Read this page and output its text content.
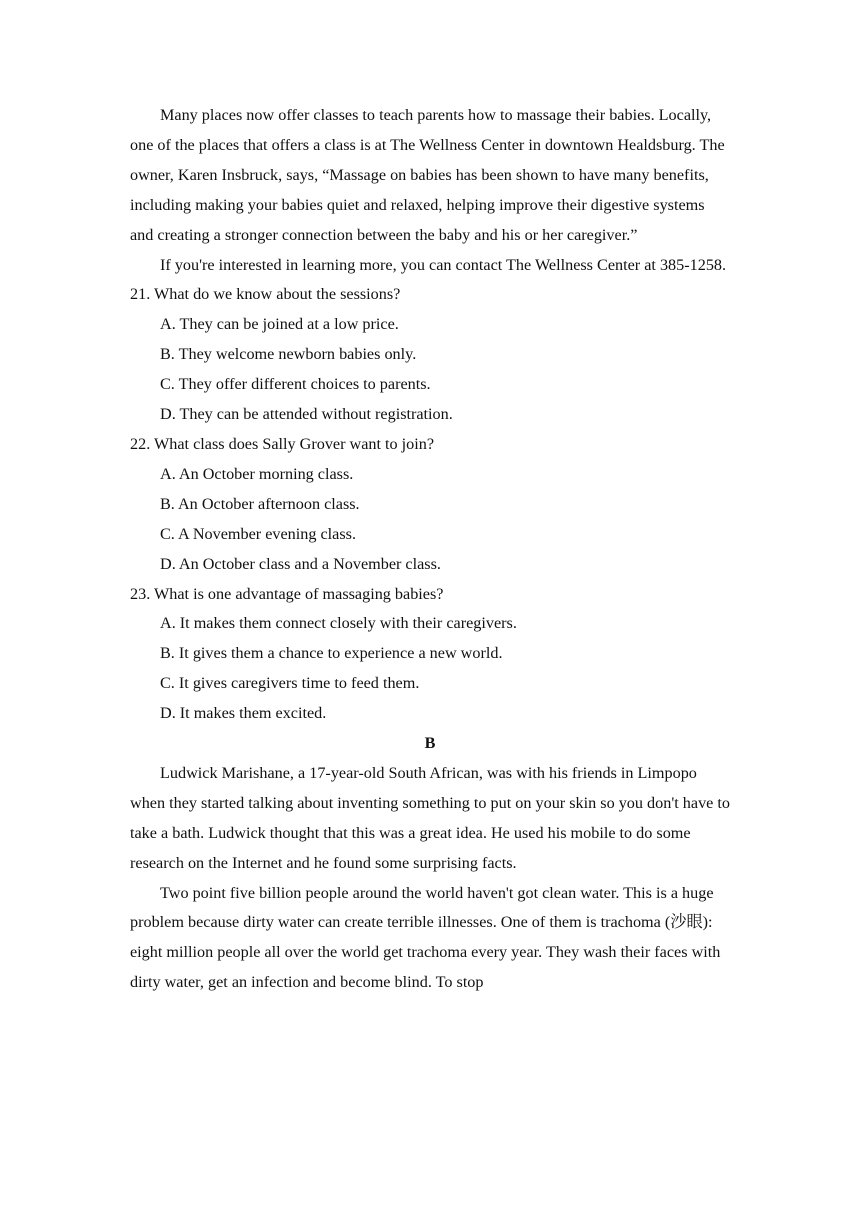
Many places now offer classes to teach parents how to massage their babies. Locally, one of the places that offers a class is at The Wellness Center in downtown Healdsburg. The owner, Karen Insbruck, says, “Massage on babies has been shown to have many benefits, including making your babies quiet and relaxed, helping improve their digestive systems and creating a stronger connection between the baby and his or her caregiver.”

If you're interested in learning more, you can contact The Wellness Center at 385-1258.

21. What do we know about the sessions?

A. They can be joined at a low price.

B. They welcome newborn babies only.

C. They offer different choices to parents.

D. They can be attended without registration.

22. What class does Sally Grover want to join?

A. An October morning class.

B. An October afternoon class.

C. A November evening class.

D. An October class and a November class.

23. What is one advantage of massaging babies?

A. It makes them connect closely with their caregivers.

B. It gives them a chance to experience a new world.

C. It gives caregivers time to feed them.

D. It makes them excited.

B

Ludwick Marishane, a 17-year-old South African, was with his friends in Limpopo when they started talking about inventing something to put on your skin so you don't have to take a bath. Ludwick thought that this was a great idea. He used his mobile to do some research on the Internet and he found some surprising facts.

Two point five billion people around the world haven't got clean water. This is a huge problem because dirty water can create terrible illnesses. One of them is trachoma (沙眼): eight million people all over the world get trachoma every year. They wash their faces with dirty water, get an infection and become blind. To stop
